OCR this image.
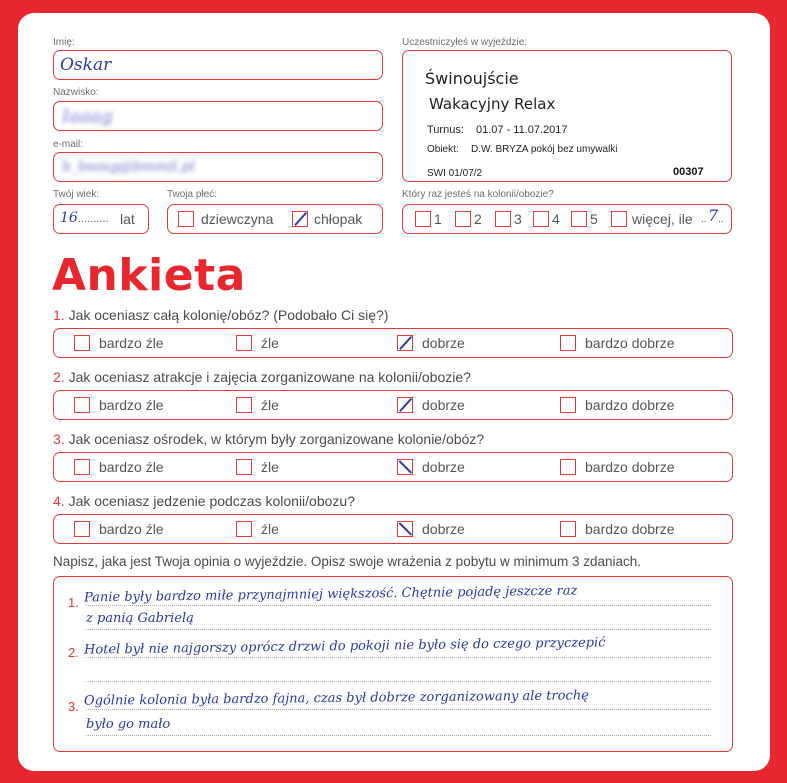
Imię:
Oskar
Nazwisko:
Iaaag
e-mail:
b_bsosg@bmmil.pl
Twój wiek:
16 .......... lat
Twoja płeć:
dziewczyna	chłopak
Uczestniczyłeś w wyjeździe:
Świnoujście
Wakacyjny Relax
Turnus: 01.07 - 11.07.2017
Obiekt: D.W. BRYZA pokój bez umywalki
SWI 01/07/2	00307
Który raz jesteś na kolonii/obozie?
1 2 3 4 5 więcej, ile .. 7 ..
Ankieta
1. Jak oceniasz całą kolonię/obóz? (Podobało Ci się?)
bardzo źle	źle	dobrze	bardzo dobrze
2. Jak oceniasz atrakcje i zajęcia zorganizowane na kolonii/obozie?
bardzo źle	źle	dobrze	bardzo dobrze
3. Jak oceniasz ośrodek, w którym były zorganizowane kolonie/obóz?
bardzo źle	źle	dobrze	bardzo dobrze
4. Jak oceniasz jedzenie podczas kolonii/obozu?
bardzo źle	źle	dobrze	bardzo dobrze
Napisz, jaka jest Twoja opinia o wyjeździe. Opisz swoje wrażenia z pobytu w minimum 3 zdaniach.
1. Panie były bardzo miłe przynajmniej większość. Chętnie pojadę jeszcze raz
z panią Gabrielą
2. Hotel był nie najgorszy oprócz drzwi do pokoji nie było się do czego przyczepić
3. Ogólnie kolonia była bardzo fajna, czas był dobrze zorganizowany ale trochę
było go mało
